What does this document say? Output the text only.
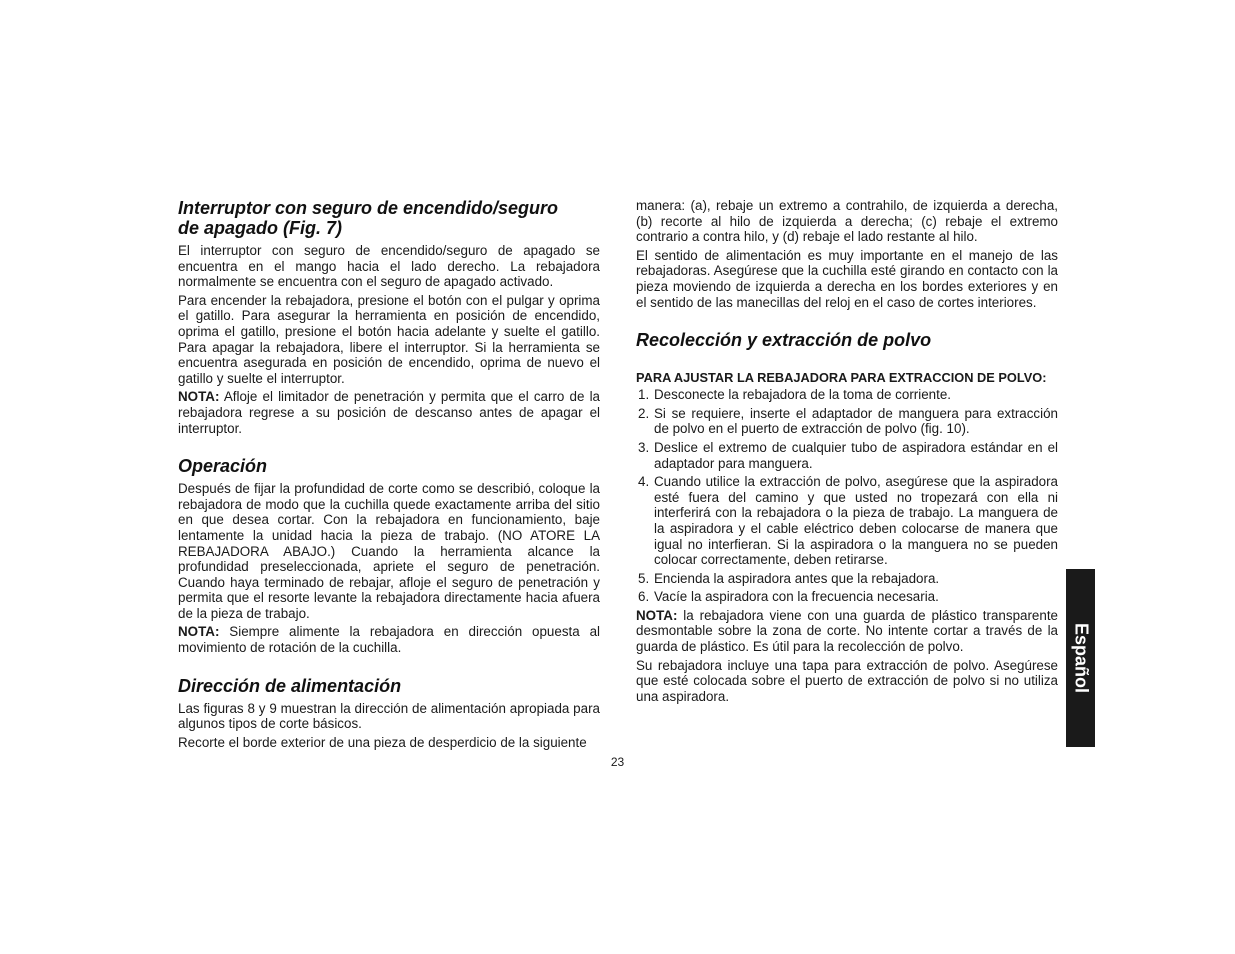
Interruptor con seguro de encendido/seguro de apagado (Fig. 7)

El interruptor con seguro de encendido/seguro de apagado se encuentra en el mango hacia el lado derecho. La rebajadora normalmente se encuentra con el seguro de apagado activado.

Para encender la rebajadora, presione el botón con el pulgar y oprima el gatillo. Para asegurar la herramienta en posición de encendido, oprima el gatillo, presione el botón hacia adelante y suelte el gatillo. Para apagar la rebajadora, libere el interruptor. Si la herramienta se encuentra asegurada en posición de encendido, oprima de nuevo el gatillo y suelte el interruptor.

NOTA: Afloje el limitador de penetración y permita que el carro de la rebajadora regrese a su posición de descanso antes de apagar el interruptor.

Operación

Después de fijar la profundidad de corte como se describió, coloque la rebajadora de modo que la cuchilla quede exactamente arriba del sitio en que desea cortar. Con la rebajadora en funcionamiento, baje lentamente la unidad hacia la pieza de trabajo. (NO ATORE LA REBAJADORA ABAJO.) Cuando la herramienta alcance la profundidad preseleccionada, apriete el seguro de penetración. Cuando haya terminado de rebajar, afloje el seguro de penetración y permita que el resorte levante la rebajadora directamente hacia afuera de la pieza de trabajo.

NOTA: Siempre alimente la rebajadora en dirección opuesta al movimiento de rotación de la cuchilla.

Dirección de alimentación

Las figuras 8 y 9 muestran la dirección de alimentación apropiada para algunos tipos de corte básicos.

Recorte el borde exterior de una pieza de desperdicio de la siguiente

manera: (a), rebaje un extremo a contrahilo, de izquierda a derecha, (b) recorte al hilo de izquierda a derecha; (c) rebaje el extremo contrario a contra hilo, y (d) rebaje el lado restante al hilo.

El sentido de alimentación es muy importante en el manejo de las rebajadoras. Asegúrese que la cuchilla esté girando en contacto con la pieza moviendo de izquierda a derecha en los bordes exteriores y en el sentido de las manecillas del reloj en el caso de cortes interiores.

Recolección y extracción de polvo
PARA AJUSTAR LA REBAJADORA PARA EXTRACCION DE POLVO:
1. Desconecte la rebajadora de la toma de corriente.
2. Si se requiere, inserte el adaptador de manguera para extracción de polvo en el puerto de extracción de polvo (fig. 10).
3. Deslice el extremo de cualquier tubo de aspiradora estándar en el adaptador para manguera.
4. Cuando utilice la extracción de polvo, asegúrese que la aspiradora esté fuera del camino y que usted no tropezará con ella ni interferirá con la rebajadora o la pieza de trabajo. La manguera de la aspiradora y el cable eléctrico deben colocarse de manera que igual no interfieran. Si la aspiradora o la manguera no se pueden colocar correctamente, deben retirarse.
5. Encienda la aspiradora antes que la rebajadora.
6. Vacíe la aspiradora con la frecuencia necesaria.

NOTA: la rebajadora viene con una guarda de plástico transparente desmontable sobre la zona de corte. No intente cortar a través de la guarda de plástico. Es útil para la recolección de polvo.

Su rebajadora incluye una tapa para extracción de polvo. Asegúrese que esté colocada sobre el puerto de extracción de polvo si no utiliza una aspiradora.

23
Español
